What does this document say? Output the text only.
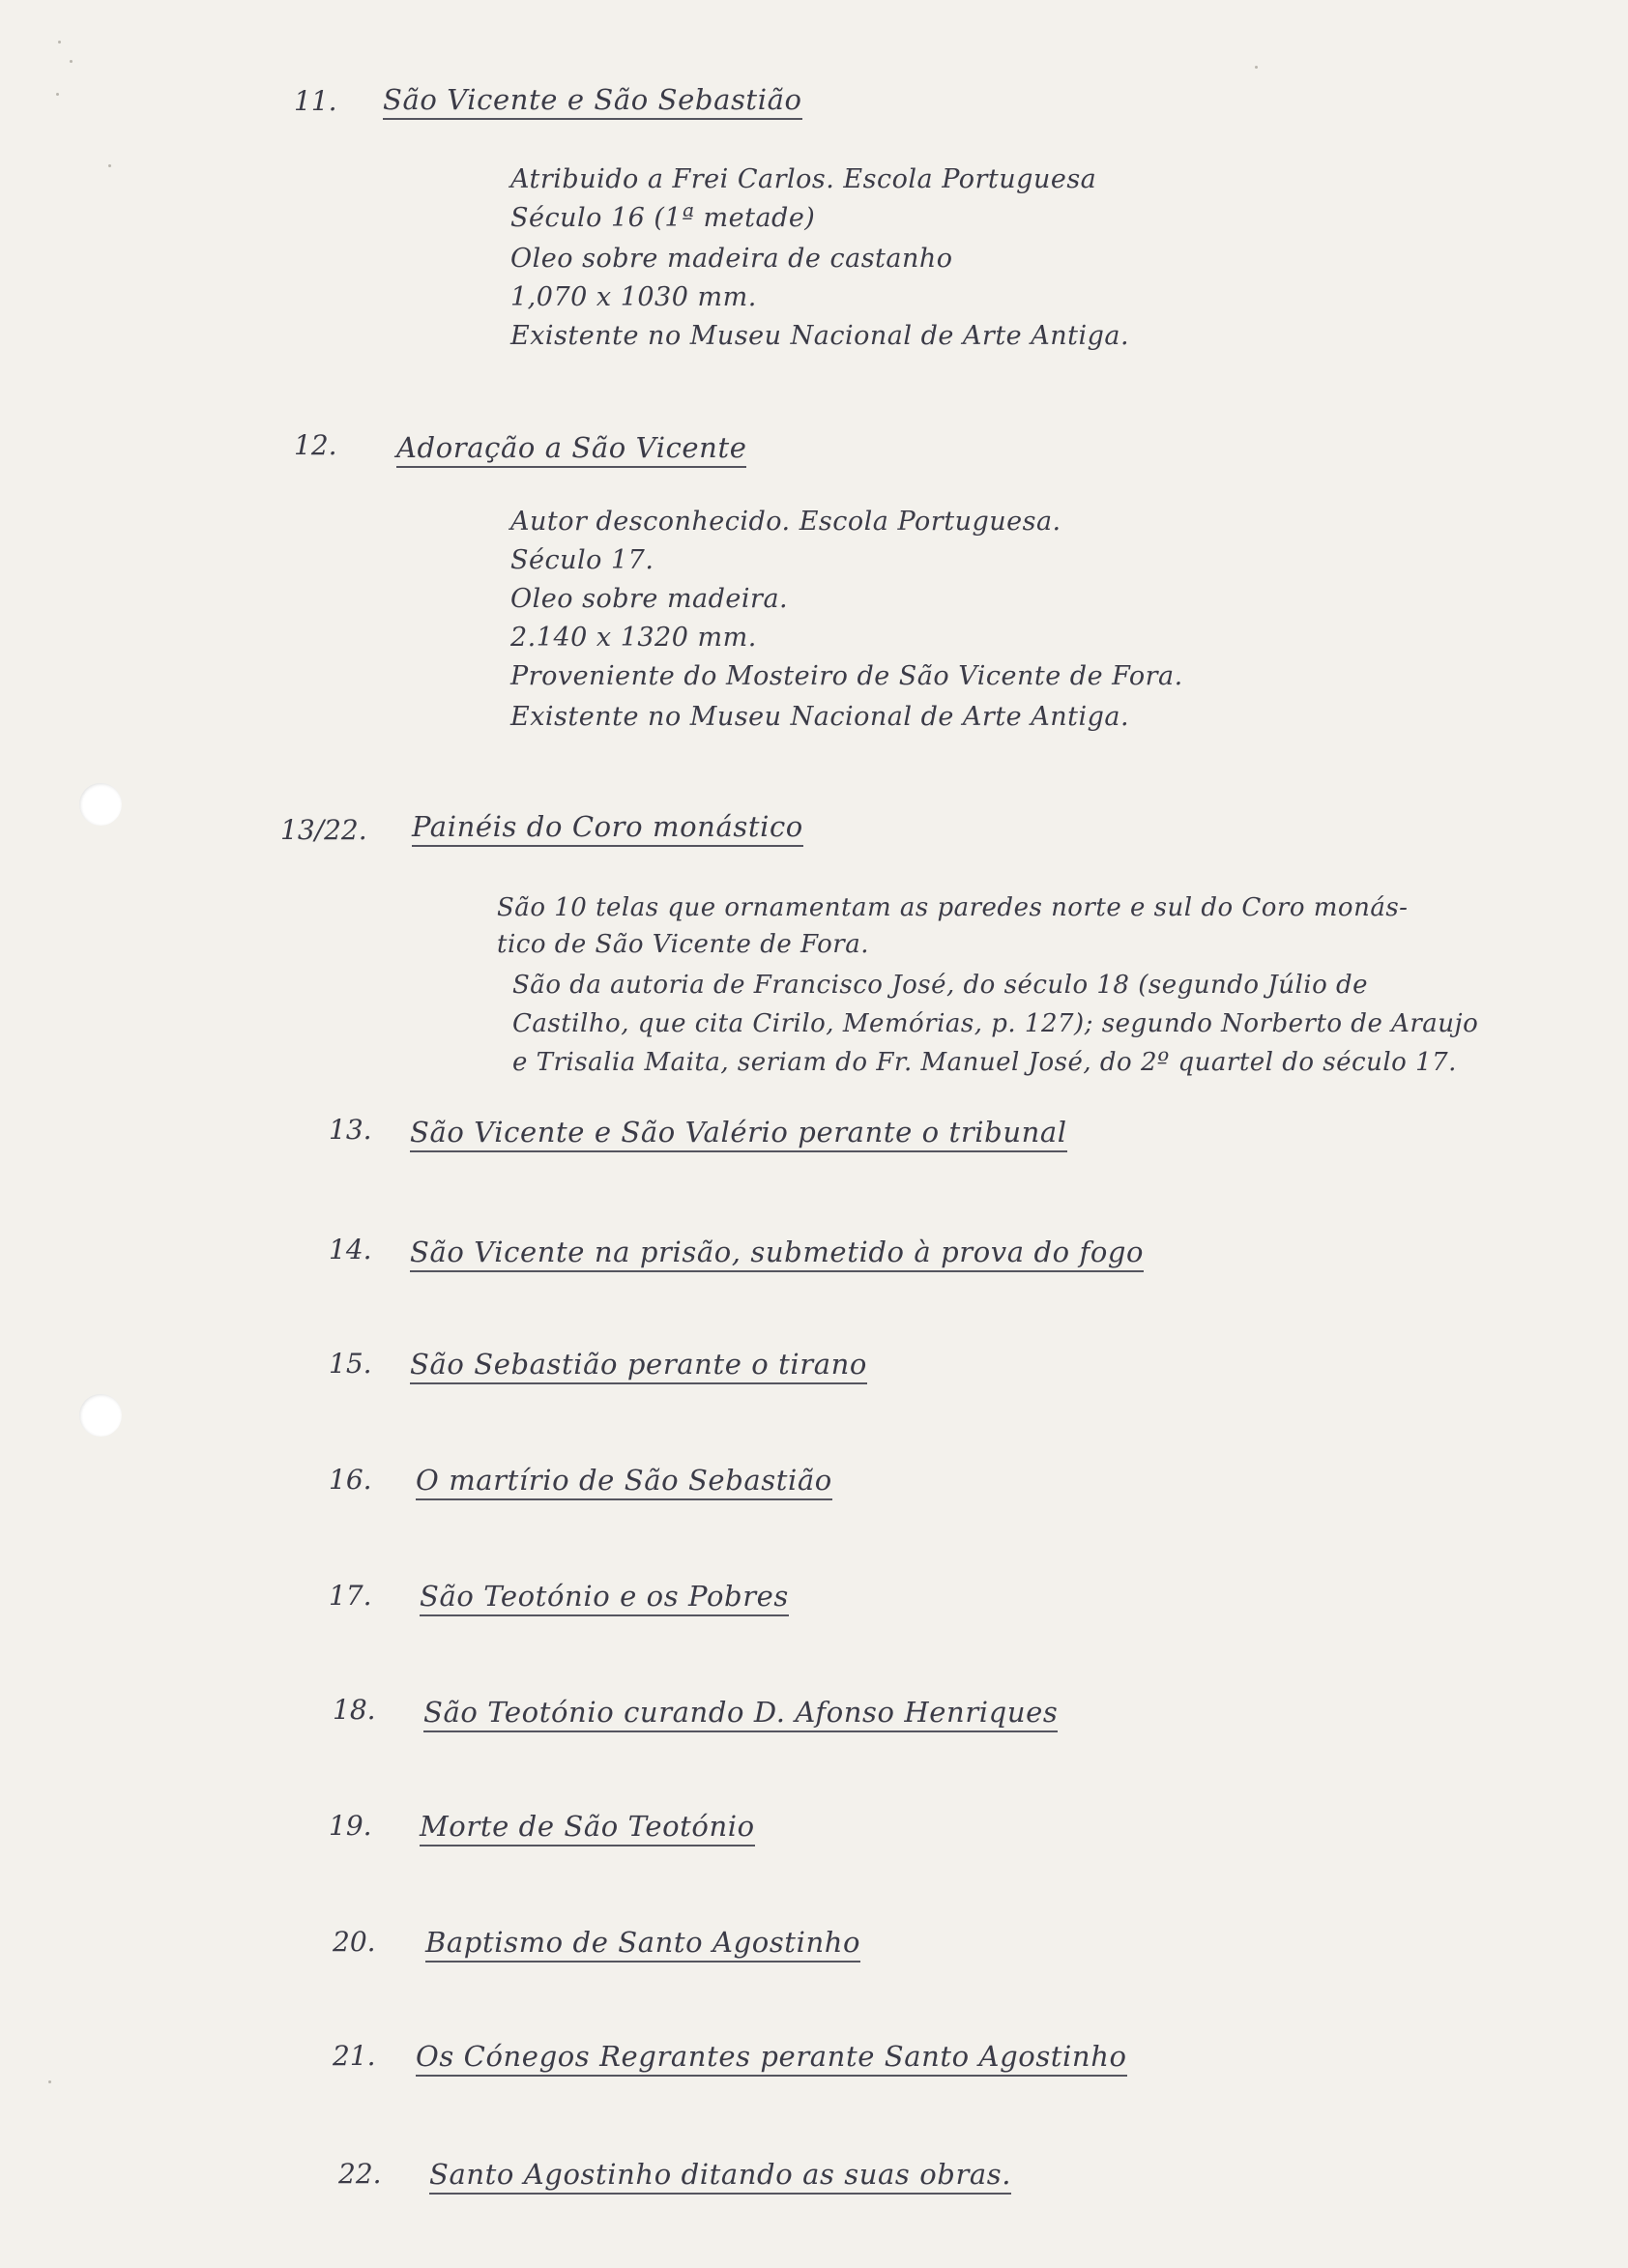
11. São Vicente e São Sebastião
Atribuido a Frei Carlos. Escola Portuguesa
Século 16 (1ª metade)
Oleo sobre madeira de castanho
1,070 x 1030 mm.
Existente no Museu Nacional de Arte Antiga.
12. Adoração a São Vicente
Autor desconhecido. Escola Portuguesa.
Século 17.
Oleo sobre madeira.
2.140 x 1320 mm.
Proveniente do Mosteiro de São Vicente de Fora.
Existente no Museu Nacional de Arte Antiga.
13/22. Painéis do Coro monástico
São 10 telas que ornamentam as paredes norte e sul do Coro monás-
tico de São Vicente de Fora.
São da autoria de Francisco José, do século 18 (segundo Júlio de
Castilho, que cita Cirilo, Memórias, p. 127); segundo Norberto de Araujo
e Trisalia Maita, seriam do Fr. Manuel José, do 2º quartel do século 17.
13. São Vicente e São Valério perante o tribunal
14. São Vicente na prisão, submetido à prova do fogo
15. São Sebastião perante o tirano
16. O martírio de São Sebastião
17. São Teotónio e os Pobres
18. São Teotónio curando D. Afonso Henriques
19. Morte de São Teotónio
20. Baptismo de Santo Agostinho
21. Os Cónegos Regrantes perante Santo Agostinho
22. Santo Agostinho ditando as suas obras.
